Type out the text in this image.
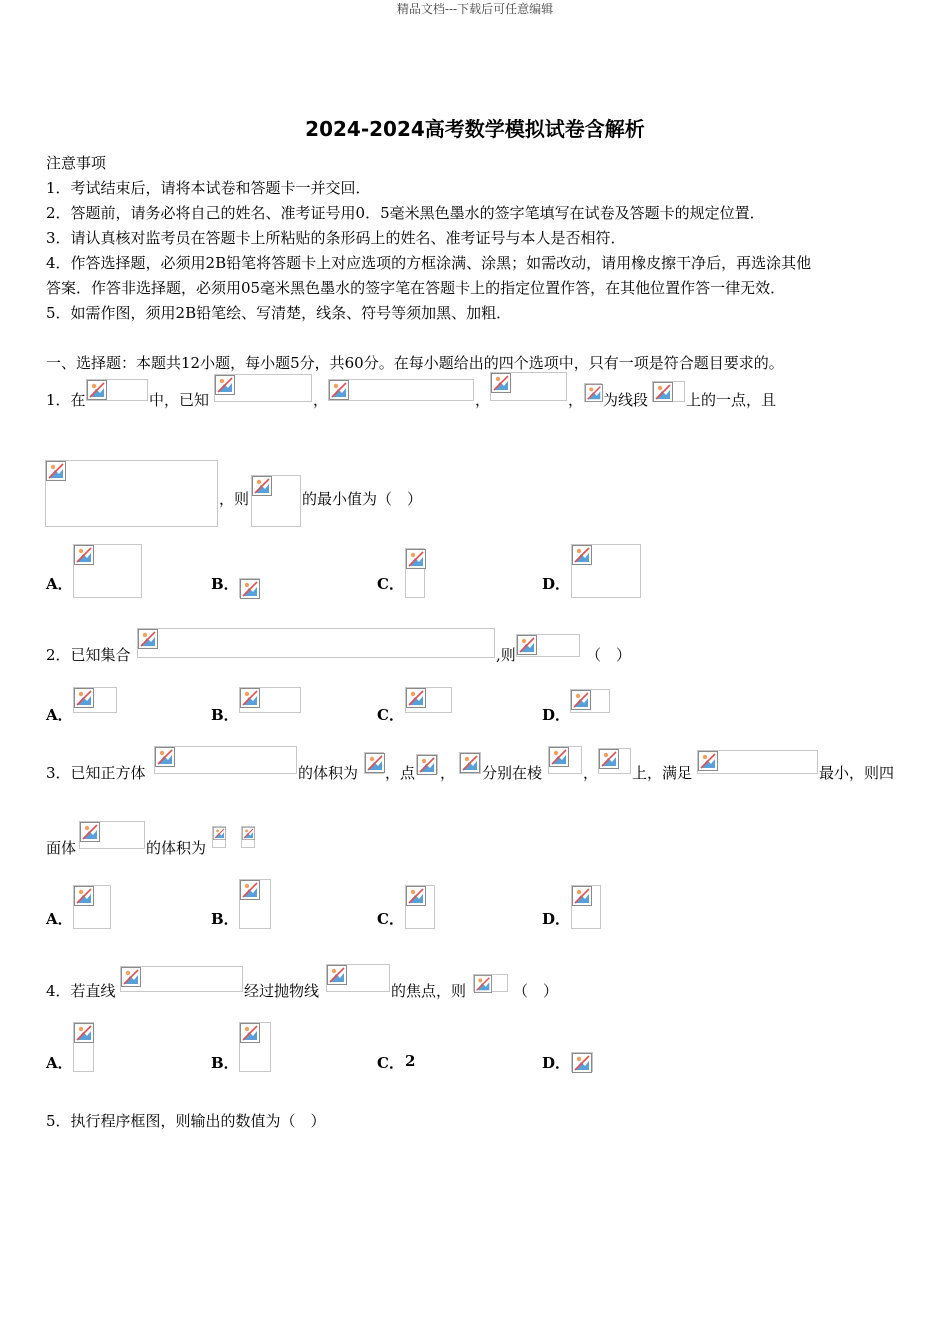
精品文档---下载后可任意编辑
2024-2024高考数学模拟试卷含解析
注意事项
1．考试结束后，请将本试卷和答题卡一并交回．
2．答题前，请务必将自己的姓名、准考证号用0．5毫米黑色墨水的签字笔填写在试卷及答题卡的规定位置．
3．请认真核对监考员在答题卡上所粘贴的条形码上的姓名、准考证号与本人是否相符．
4．作答选择题，必须用2B铅笔将答题卡上对应选项的方框涂满、涂黑；如需改动，请用橡皮擦干净后，再选涂其他
答案．作答非选择题，必须用05毫米黑色墨水的签字笔在答题卡上的指定位置作答，在其他位置作答一律无效．
5．如需作图，须用2B铅笔绘、写清楚，线条、符号等须加黑、加粗．
一、选择题：本题共12小题，每小题5分，共60分。在每小题给出的四个选项中，只有一项是符合题目要求的。
1．在	中，已知	，	，	， 为线段	上的一点，且
，则	的最小值为（　）
A．	B．	C．	D．
2．已知集合	,则	（　）
A．	B．	C．	D．
3．已知正方体	的体积为 ，点 ， 分别在棱	， 上，满足	最小，则四
面体	的体积为
A．	B．	C．	D．
4．若直线	经过抛物线	的焦点，则	（　）
A．	B．	C． 2	D．
5．执行程序框图，则输出的数值为（　）
